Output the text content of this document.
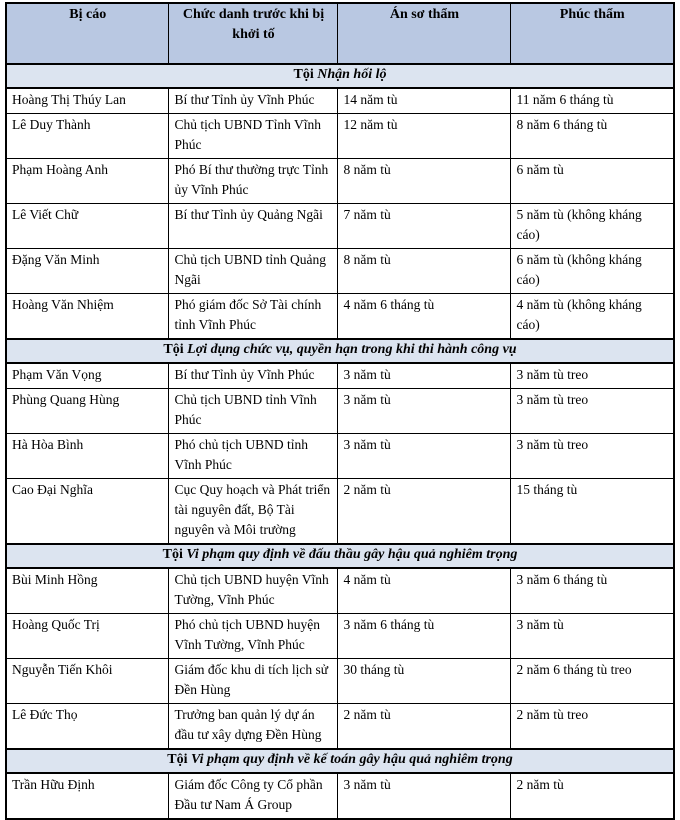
Bị cáo	Chức danh trước khi bị khởi tố	Án sơ thẩm	Phúc thẩm
Tội Nhận hối lộ			
Hoàng Thị Thúy Lan	Bí thư Tỉnh ủy Vĩnh Phúc	14 năm tù	11 năm 6 tháng tù
Lê Duy Thành	Chủ tịch UBND Tỉnh Vĩnh Phúc	12 năm tù	8 năm 6 tháng tù
Phạm Hoàng Anh	Phó Bí thư thường trực Tỉnh ủy Vĩnh Phúc	8 năm tù	6 năm tù
Lê Viết Chữ	Bí thư Tỉnh ủy Quảng Ngãi	7 năm tù	5 năm tù (không kháng cáo)
Đặng Văn Minh	Chủ tịch UBND tỉnh Quảng Ngãi	8 năm tù	6 năm tù (không kháng cáo)
Hoàng Văn Nhiệm	Phó giám đốc Sở Tài chính tỉnh Vĩnh Phúc	4 năm 6 tháng tù	4 năm tù (không kháng cáo)
Tội Lợi dụng chức vụ, quyền hạn trong khi thi hành công vụ			
Phạm Văn Vọng	Bí thư Tỉnh ủy Vĩnh Phúc	3 năm tù	3 năm tù treo
Phùng Quang Hùng	Chủ tịch UBND tỉnh Vĩnh Phúc	3 năm tù	3 năm tù treo
Hà Hòa Bình	Phó chủ tịch UBND tỉnh Vĩnh Phúc	3 năm tù	3 năm tù treo
Cao Đại Nghĩa	Cục Quy hoạch và Phát triển tài nguyên đất, Bộ Tài nguyên và Môi trường	2 năm tù	15 tháng tù
Tội Vi phạm quy định về đấu thầu gây hậu quả nghiêm trọng			
Bùi Minh Hồng	Chủ tịch UBND huyện Vĩnh Tường, Vĩnh Phúc	4 năm tù	3 năm 6 tháng tù
Hoàng Quốc Trị	Phó chủ tịch UBND huyện Vĩnh Tường, Vĩnh Phúc	3 năm 6 tháng tù	3 năm tù
Nguyễn Tiến Khôi	Giám đốc khu di tích lịch sử Đền Hùng	30 tháng tù	2 năm 6 tháng tù treo
Lê Đức Thọ	Trưởng ban quản lý dự án đầu tư xây dựng Đền Hùng	2 năm tù	2 năm tù treo
Tội Vi phạm quy định về kế toán gây hậu quả nghiêm trọng			
Trần Hữu Định	Giám đốc Công ty Cổ phần Đầu tư Nam Á Group	3 năm tù	2 năm tù
